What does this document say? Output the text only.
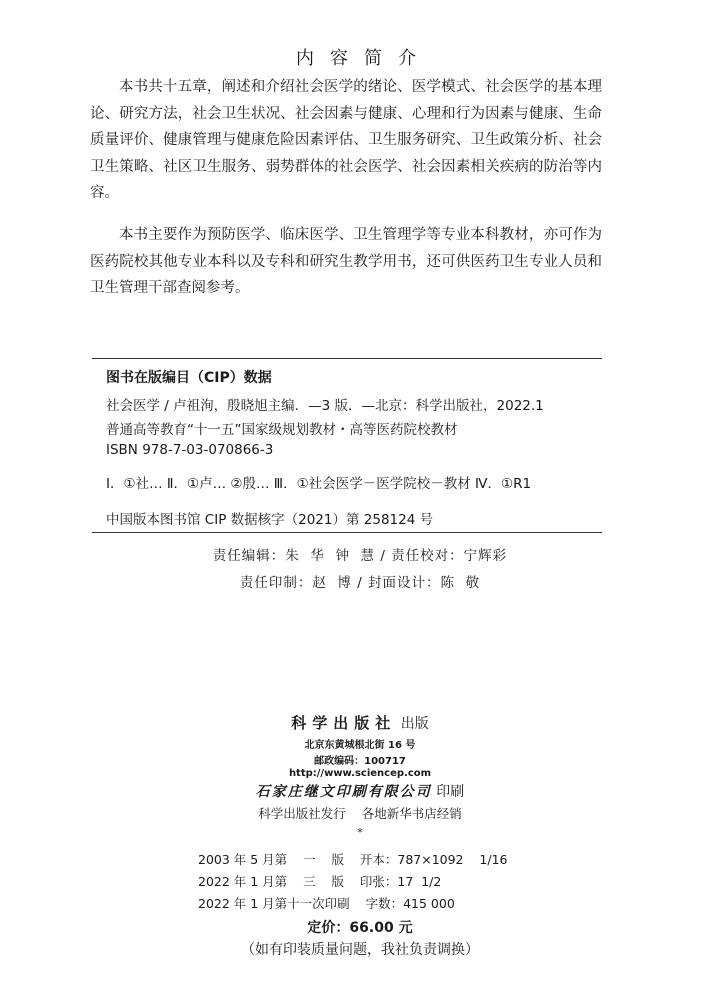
内容简介

本书共十五章，阐述和介绍社会医学的绪论、医学模式、社会医学的基本理论、研究方法，社会卫生状况、社会因素与健康、心理和行为因素与健康、生命质量评价、健康管理与健康危险因素评估、卫生服务研究、卫生政策分析、社会卫生策略、社区卫生服务、弱势群体的社会医学、社会因素相关疾病的防治等内容。

本书主要作为预防医学、临床医学、卫生管理学等专业本科教材，亦可作为医药院校其他专业本科以及专科和研究生教学用书，还可供医药卫生专业人员和卫生管理干部查阅参考。

图书在版编目（CIP）数据
社会医学 / 卢祖洵，殷晓旭主编．—3 版．—北京：科学出版社，2022.1
普通高等教育“十一五”国家级规划教材・高等医药院校教材
ISBN 978-7-03-070866-3
Ⅰ．①社… Ⅱ．①卢… ②殷… Ⅲ．①社会医学－医学院校－教材 Ⅳ．①R1
中国版本图书馆 CIP 数据核字（2021）第 258124 号
责任编辑：朱  华  钟  慧 / 责任校对：宁辉彩
责任印制：赵  博 / 封面设计：陈  敬
科学出版社 出版
北京东黄城根北街 16 号
邮政编码：100717
http://www.sciencep.com
石家庄继文印刷有限公司 印刷
科学出版社发行    各地新华书店经销
*
2003 年 5 月第    一    版    开本：787×1092    1/16
2022 年 1 月第    三    版    印张：17  1/2
2022 年 1 月第十一次印刷    字数：415 000
定价：66.00 元
（如有印装质量问题，我社负责调换）
